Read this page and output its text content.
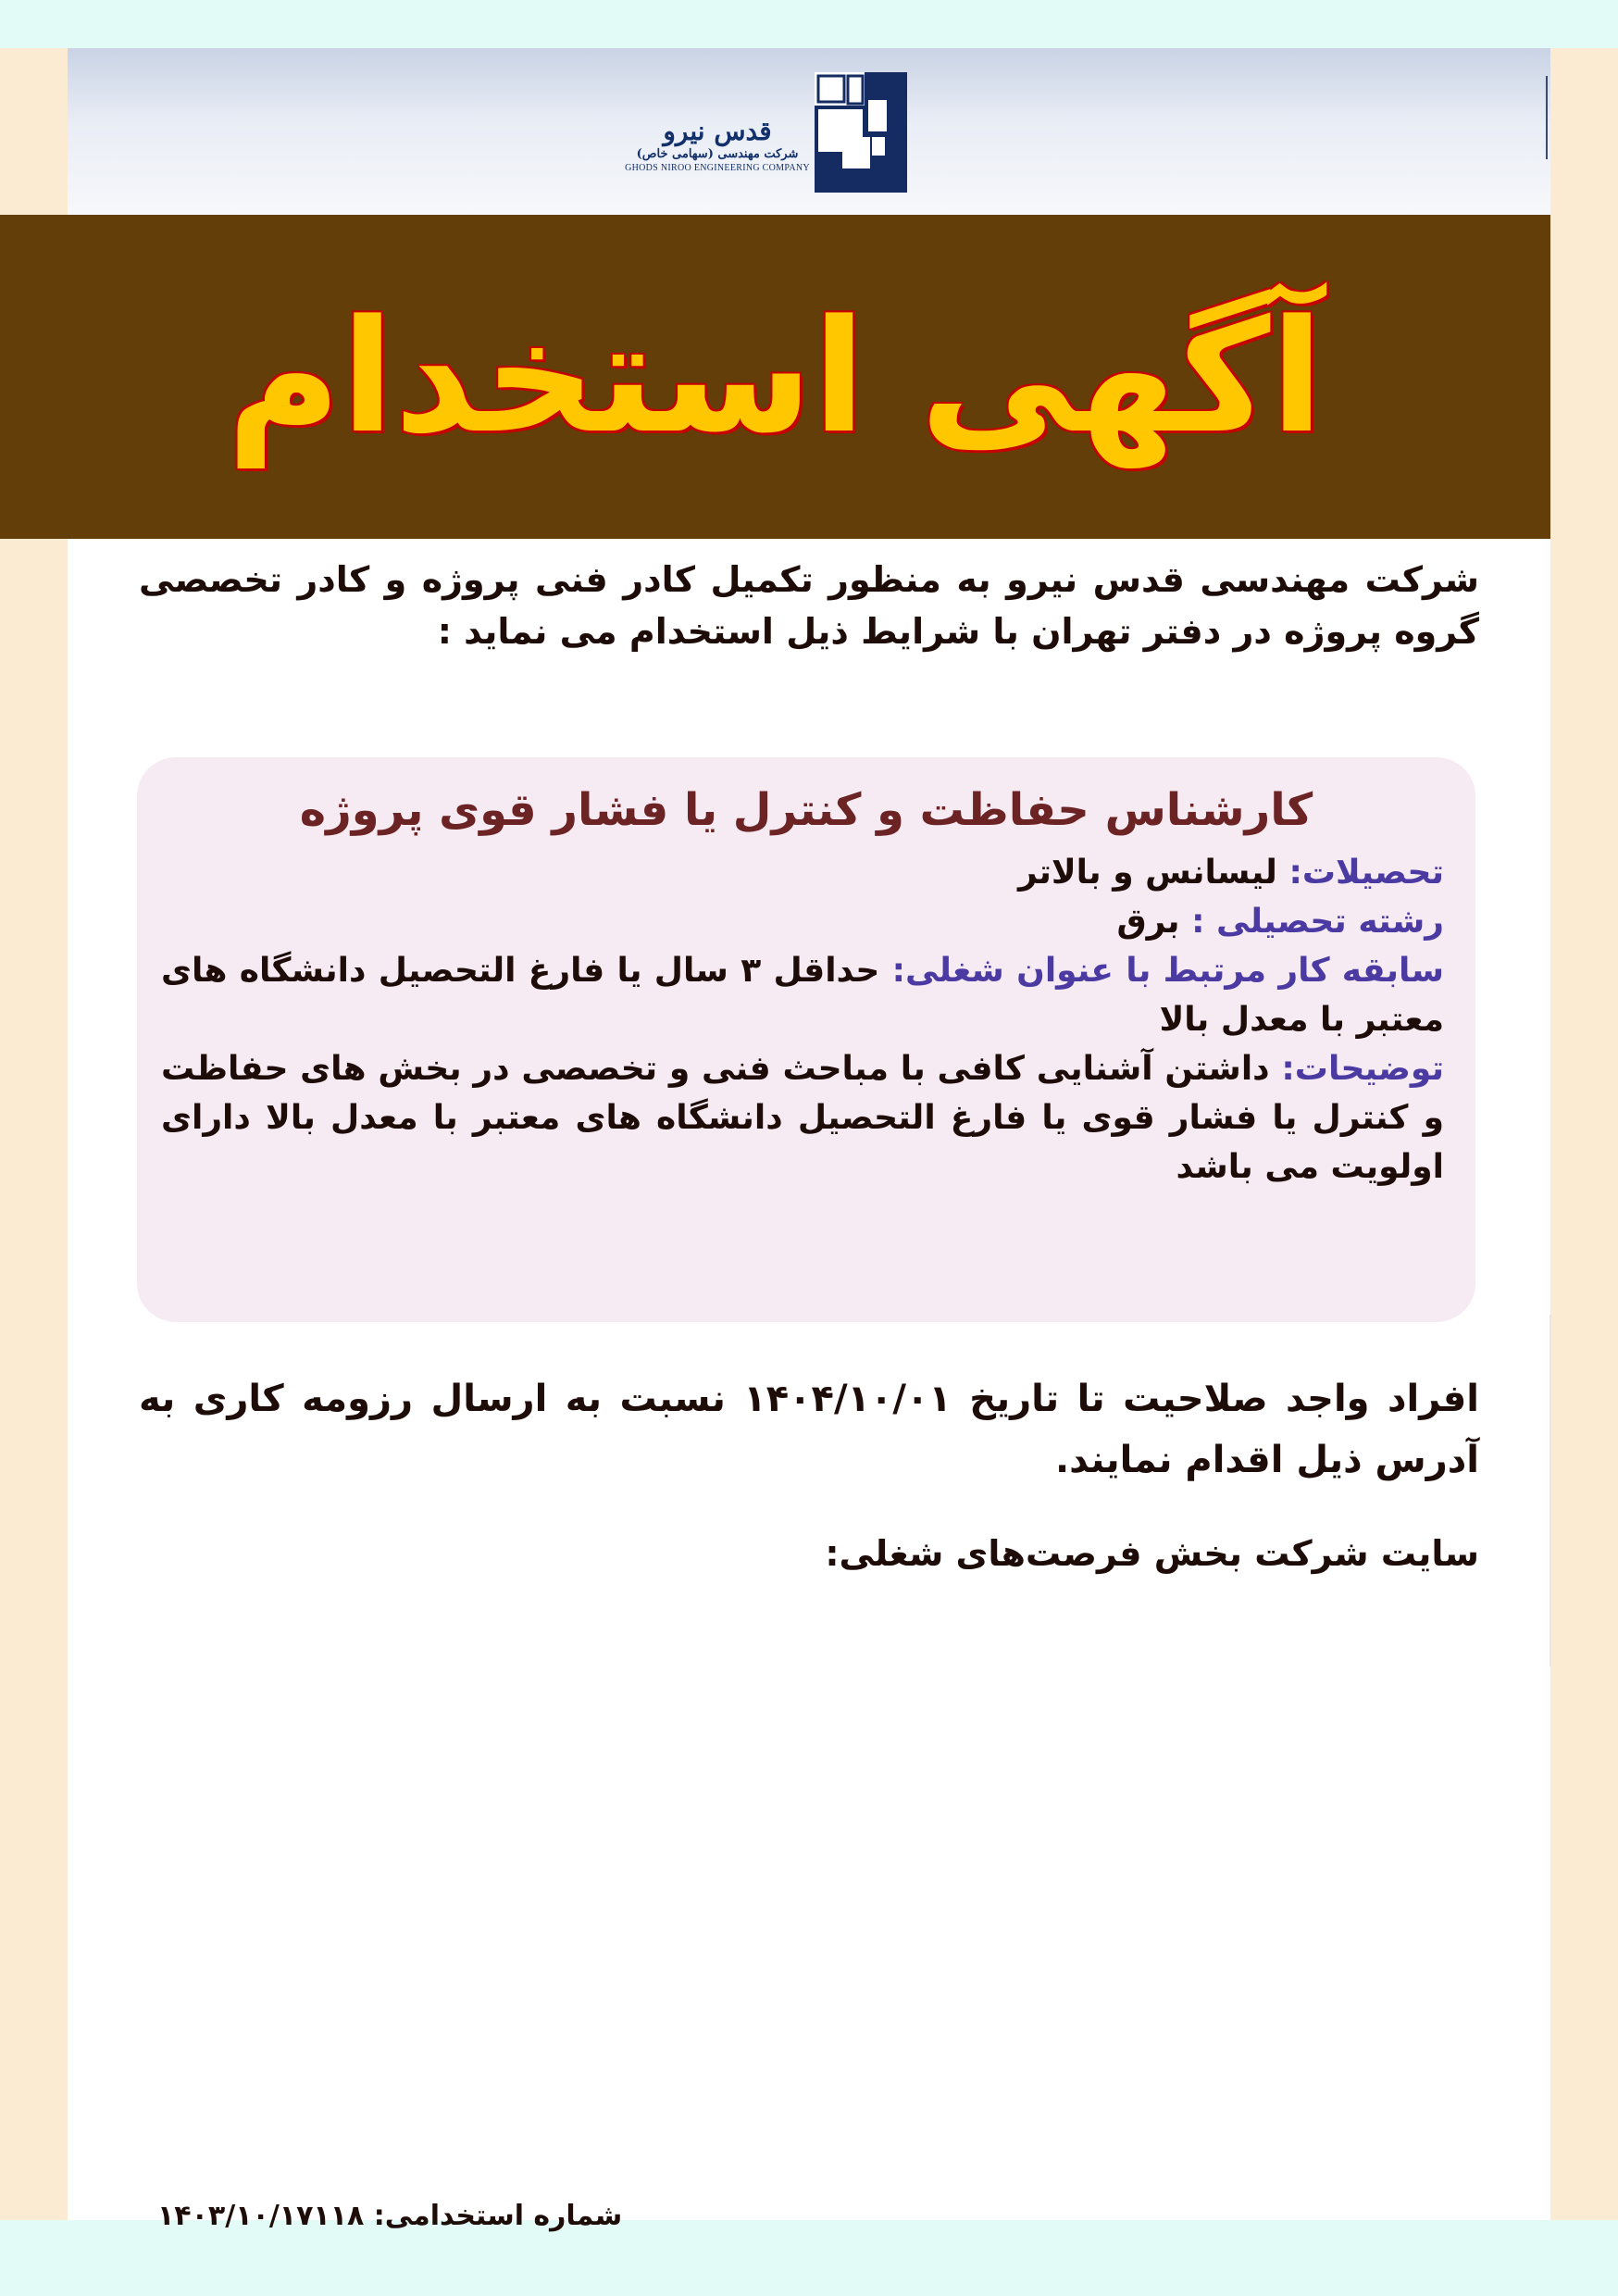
قدس نیرو
شرکت مهندسی (سهامی خاص)
GHODS NIROO ENGINEERING COMPANY
آگهی استخدام
شرکت مهندسی قدس نیرو به منظور تکمیل کادر فنی پروژه و کادر تخصصی گروه پروژه در دفتر تهران با شرایط ذیل استخدام می نماید :
کارشناس حفاظت و کنترل یا فشار قوی پروژه
تحصیلات: لیسانس و بالاتر
رشته تحصیلی : برق
سابقه کار مرتبط با عنوان شغلی: حداقل ۳ سال یا فارغ التحصیل دانشگاه های معتبر با معدل بالا
توضیحات: داشتن آشنایی کافی با مباحث فنی و تخصصی در بخش های حفاظت و کنترل یا فشار قوی یا فارغ التحصیل دانشگاه های معتبر با معدل بالا دارای اولویت می باشد
افراد واجد صلاحیت تا تاریخ ۱۴۰۴/۱۰/۰۱ نسبت به ارسال رزومه کاری به آدرس ذیل اقدام نمایند.
سایت شرکت بخش فرصت‌های شغلی:
شماره استخدامی: ۱۴۰۳/۱۰/۱۷۱۱۸
